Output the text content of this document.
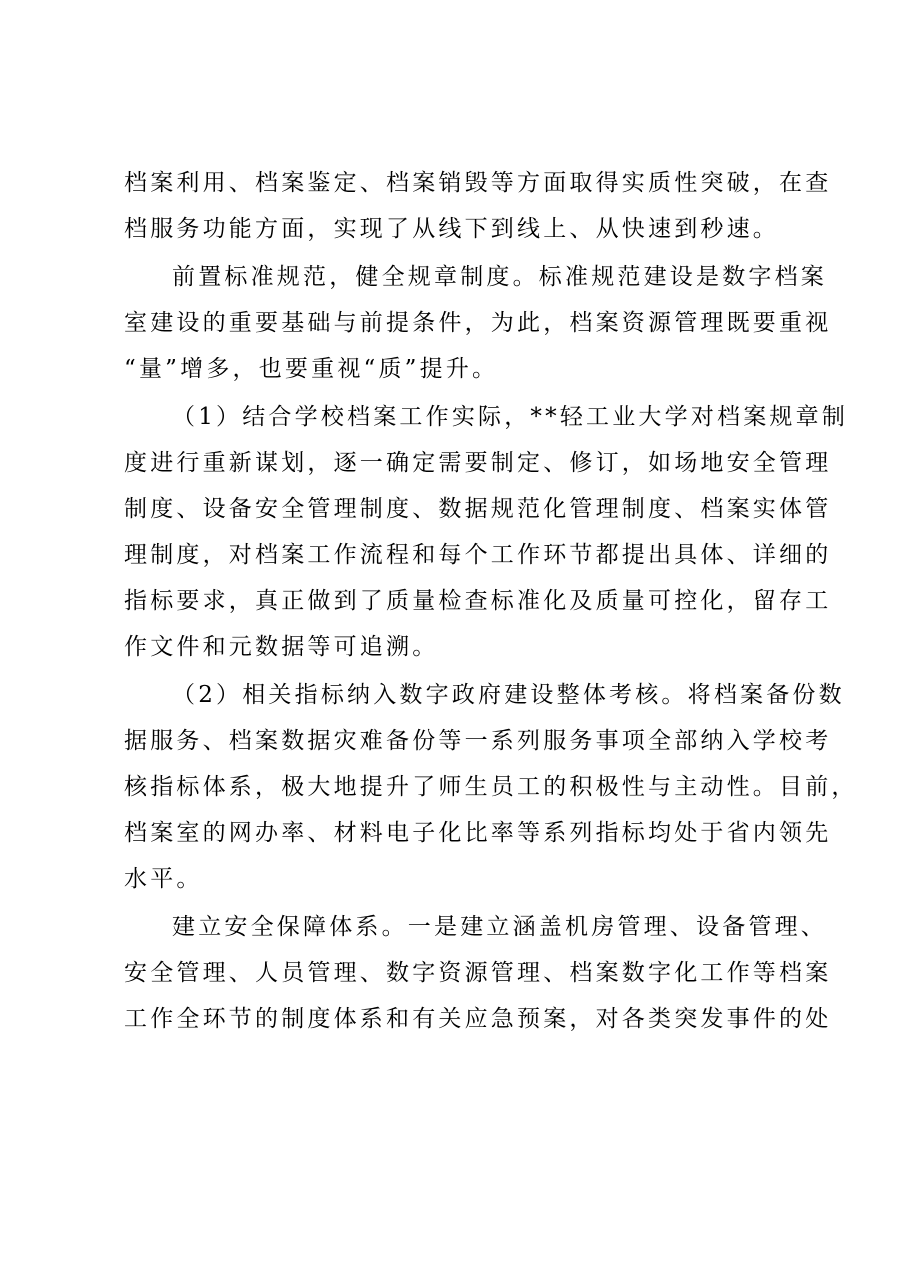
档案利用、档案鉴定、档案销毁等方面取得实质性突破，在查
档服务功能方面，实现了从线下到线上、从快速到秒速。

前置标准规范，健全规章制度。标准规范建设是数字档案
室建设的重要基础与前提条件，为此，档案资源管理既要重视
“量”增多，也要重视“质”提升。

（1）结合学校档案工作实际，**轻工业大学对档案规章制
度进行重新谋划，逐一确定需要制定、修订，如场地安全管理
制度、设备安全管理制度、数据规范化管理制度、档案实体管
理制度，对档案工作流程和每个工作环节都提出具体、详细的
指标要求，真正做到了质量检查标准化及质量可控化，留存工
作文件和元数据等可追溯。

（2）相关指标纳入数字政府建设整体考核。将档案备份数
据服务、档案数据灾难备份等一系列服务事项全部纳入学校考
核指标体系，极大地提升了师生员工的积极性与主动性。目前，
档案室的网办率、材料电子化比率等系列指标均处于省内领先
水平。

建立安全保障体系。一是建立涵盖机房管理、设备管理、
安全管理、人员管理、数字资源管理、档案数字化工作等档案
工作全环节的制度体系和有关应急预案，对各类突发事件的处
